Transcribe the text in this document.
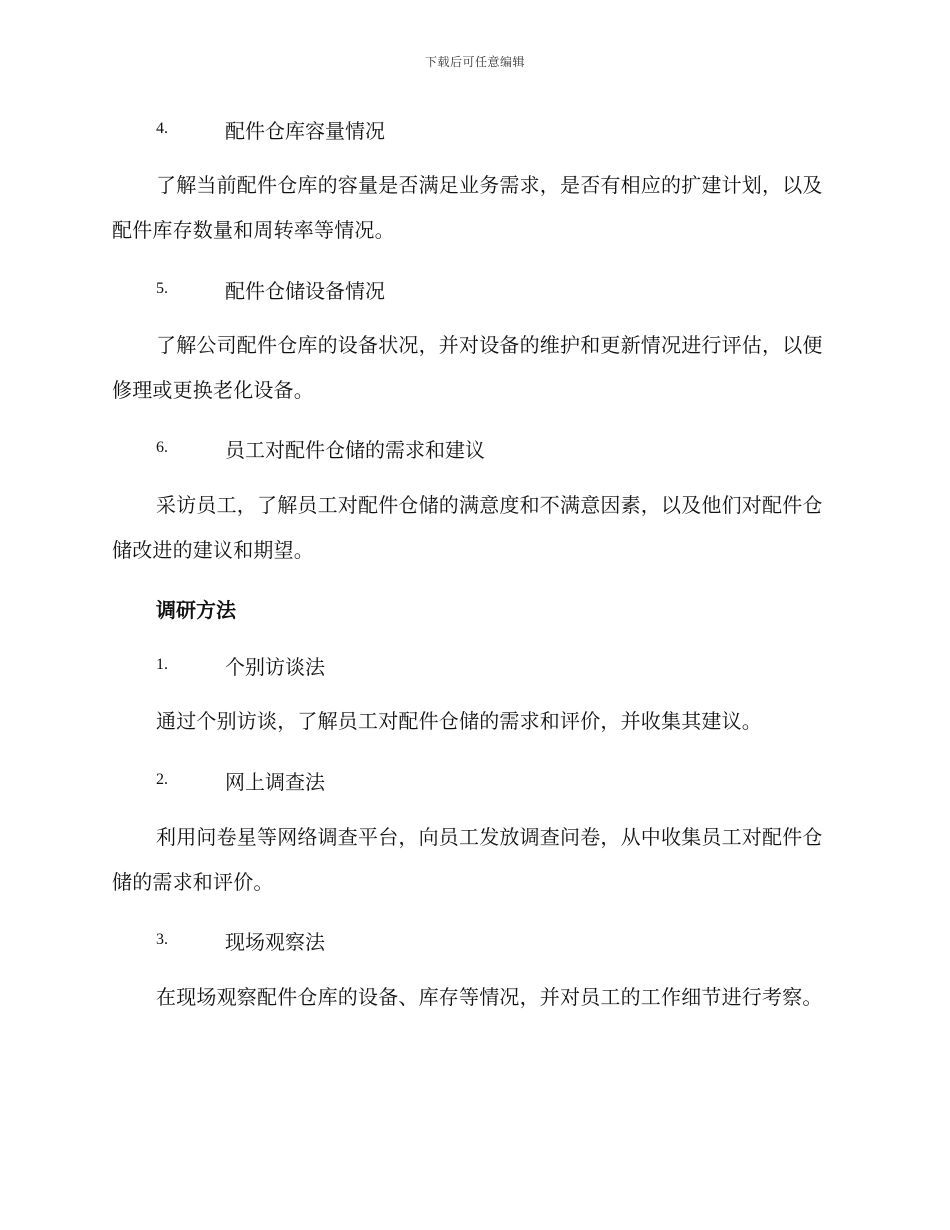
下载后可任意编辑
4.	配件仓库容量情况

了解当前配件仓库的容量是否满足业务需求，是否有相应的扩建计划，以及配件库存数量和周转率等情况。

5.	配件仓储设备情况

了解公司配件仓库的设备状况，并对设备的维护和更新情况进行评估，以便修理或更换老化设备。

6.	员工对配件仓储的需求和建议

采访员工，了解员工对配件仓储的满意度和不满意因素，以及他们对配件仓储改进的建议和期望。

调研方法
1.	个别访谈法

通过个别访谈，了解员工对配件仓储的需求和评价，并收集其建议。

2.	网上调查法

利用问卷星等网络调查平台，向员工发放调查问卷，从中收集员工对配件仓储的需求和评价。

3.	现场观察法

在现场观察配件仓库的设备、库存等情况，并对员工的工作细节进行考察。
